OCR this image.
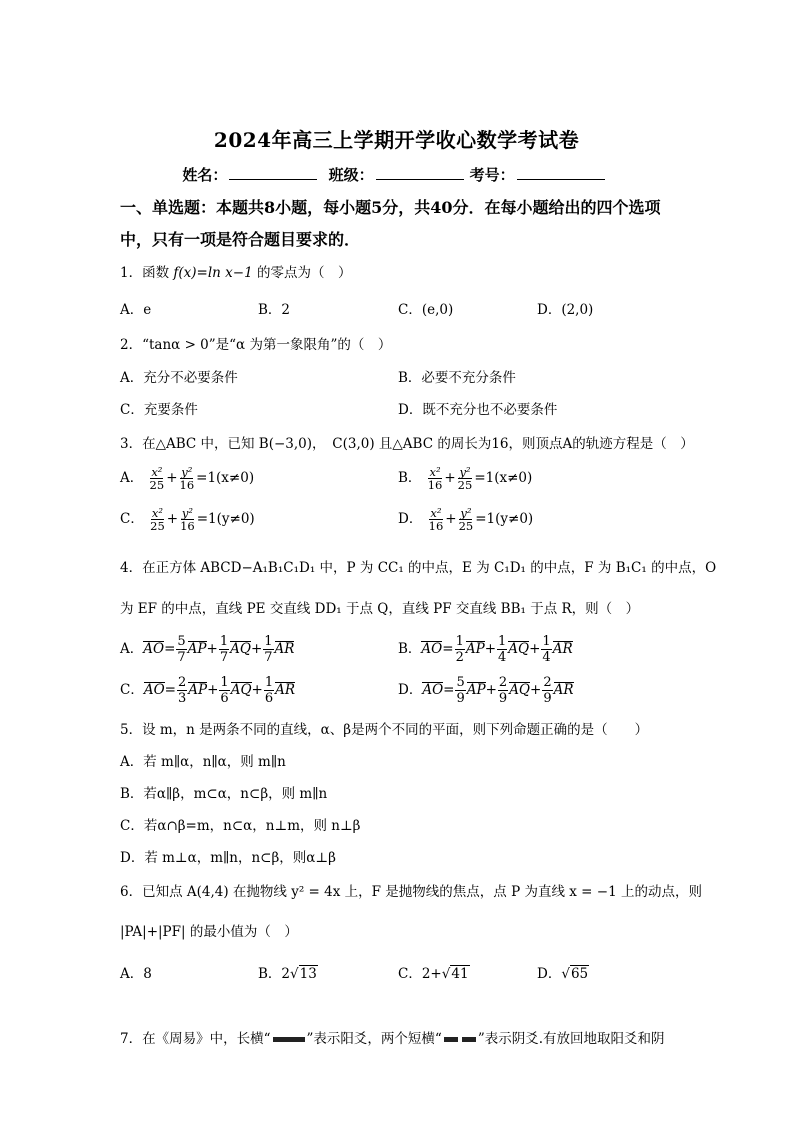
2024年高三上学期开学收心数学考试卷
姓名：	班级：	考号：
一、单选题：本题共8小题，每小题5分，共40分．在每小题给出的四个选项中，只有一项是符合题目要求的．
1．函数 f(x)=ln x−1 的零点为（　）
A．e	B．2	C．(e,0)	D．(2,0)
2．“tanα > 0”是“α 为第一象限角”的（　）
A．充分不必要条件	B．必要不充分条件
C．充要条件	D．既不充分也不必要条件
3．在△ABC 中，已知 B(−3,0)，　C(3,0) 且△ABC 的周长为16，则顶点A的轨迹方程是（　）
A． $\frac{\text{x²}}{25} + \frac{\text{y²}}{16} =1(x\ne 0)$	B． $\frac{\text{x²}}{16} + \frac{\text{y²}}{25} =1(x\ne 0)$
C． $\frac{\text{x²}}{25} + \frac{\text{y²}}{16} =1(y\ne 0)$	D． $\frac{\text{x²}}{16} + \frac{\text{y²}}{25} =1(y\ne 0)$
4．在正方体 ABCD−A₁B₁C₁D₁ 中，P 为 CC₁ 的中点，E 为 C₁D₁ 的中点，F 为 B₁C₁ 的中点，O
为 EF 的中点，直线 PE 交直线 DD₁ 于点 Q，直线 PF 交直线 BB₁ 于点 R，则（　）
A．$AO= \frac{5}{7} AP+ \frac{1}{7} AQ+ \frac{1}{7}$ AR	B．$AO= \frac{1}{2} AP+ \frac{1}{4} AQ+ \frac{1}{4}$ AR
C．$AO= \frac{2}{3} AP+ \frac{1}{6} AQ+ \frac{1}{6}$ AR	D．$AO= \frac{5}{9} AP+ \frac{2}{9} AQ+ \frac{2}{9}$ AR
5．设 m，n 是两条不同的直线，α、β是两个不同的平面，则下列命题正确的是（　　）
A．若 m∥α，n∥α，则 m∥n
B．若α∥β，m⊂α，n⊂β，则 m∥n
C．若α∩β=m，n⊂α，n⊥m，则 n⊥β
D．若 m⊥α，m∥n，n⊂β，则α⊥β
6．已知点 A(4,4) 在抛物线 y² = 4x 上，F 是抛物线的焦点，点 P 为直线 x = −1 上的动点，则
|PA|+|PF| 的最小值为（　）
A．8	B．2√13	C．2+√41	D．√65
7．在《周易》中，长横“	”表示阳爻，两个短横“	”表示阴爻.有放回地取阳爻和阴
